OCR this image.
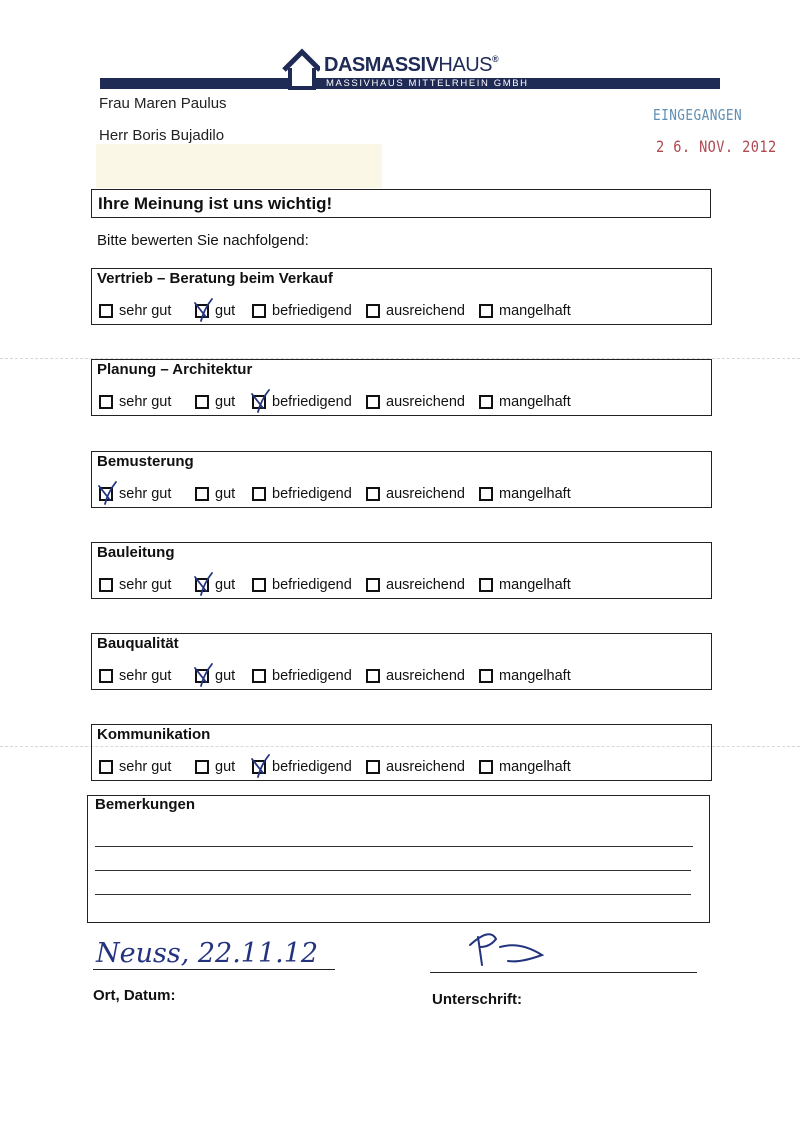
DASMASSIVHAUS®
MASSIVHAUS MITTELRHEIN GMBH
Frau Maren Paulus
Herr Boris Bujadilo
EINGEGANGEN
2 6. NOV. 2012
Ihre Meinung ist uns wichtig!
Bitte bewerten Sie nachfolgend:
Vertrieb – Beratung beim Verkauf
sehr gut	gut	befriedigend ausreichend mangelhaft
Planung – Architektur
sehr gut	gut	befriedigend ausreichend mangelhaft
Bemusterung
sehr gut	gut	befriedigend ausreichend mangelhaft
Bauleitung
sehr gut	gut	befriedigend ausreichend mangelhaft
Bauqualität
sehr gut	gut	befriedigend ausreichend mangelhaft
Kommunikation
sehr gut	gut	befriedigend ausreichend mangelhaft
Bemerkungen
Neuss, 22.11.12
Ort, Datum:	Unterschrift:
